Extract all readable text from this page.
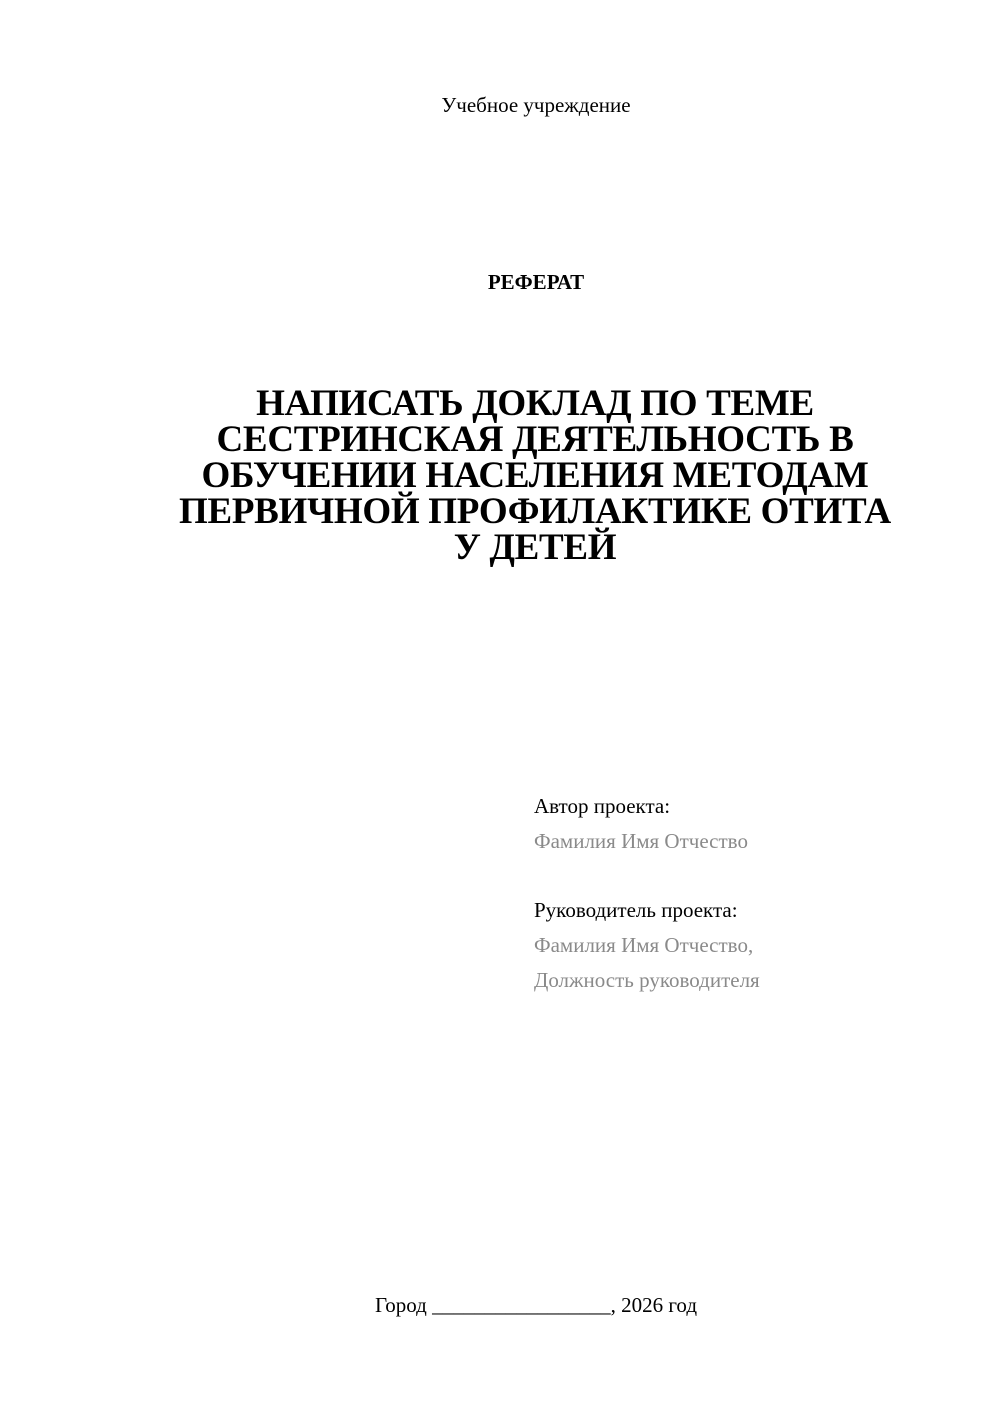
Учебное учреждение
РЕФЕРАТ
НАПИСАТЬ ДОКЛАД ПО ТЕМЕ
СЕСТРИНСКАЯ ДЕЯТЕЛЬНОСТЬ В
ОБУЧЕНИИ НАСЕЛЕНИЯ МЕТОДАМ
ПЕРВИЧНОЙ ПРОФИЛАКТИКЕ ОТИТА
У ДЕТЕЙ
Автор проекта:
Фамилия Имя Отчество
Руководитель проекта:
Фамилия Имя Отчество,
Должность руководителя
Город _________________, 2026 год
